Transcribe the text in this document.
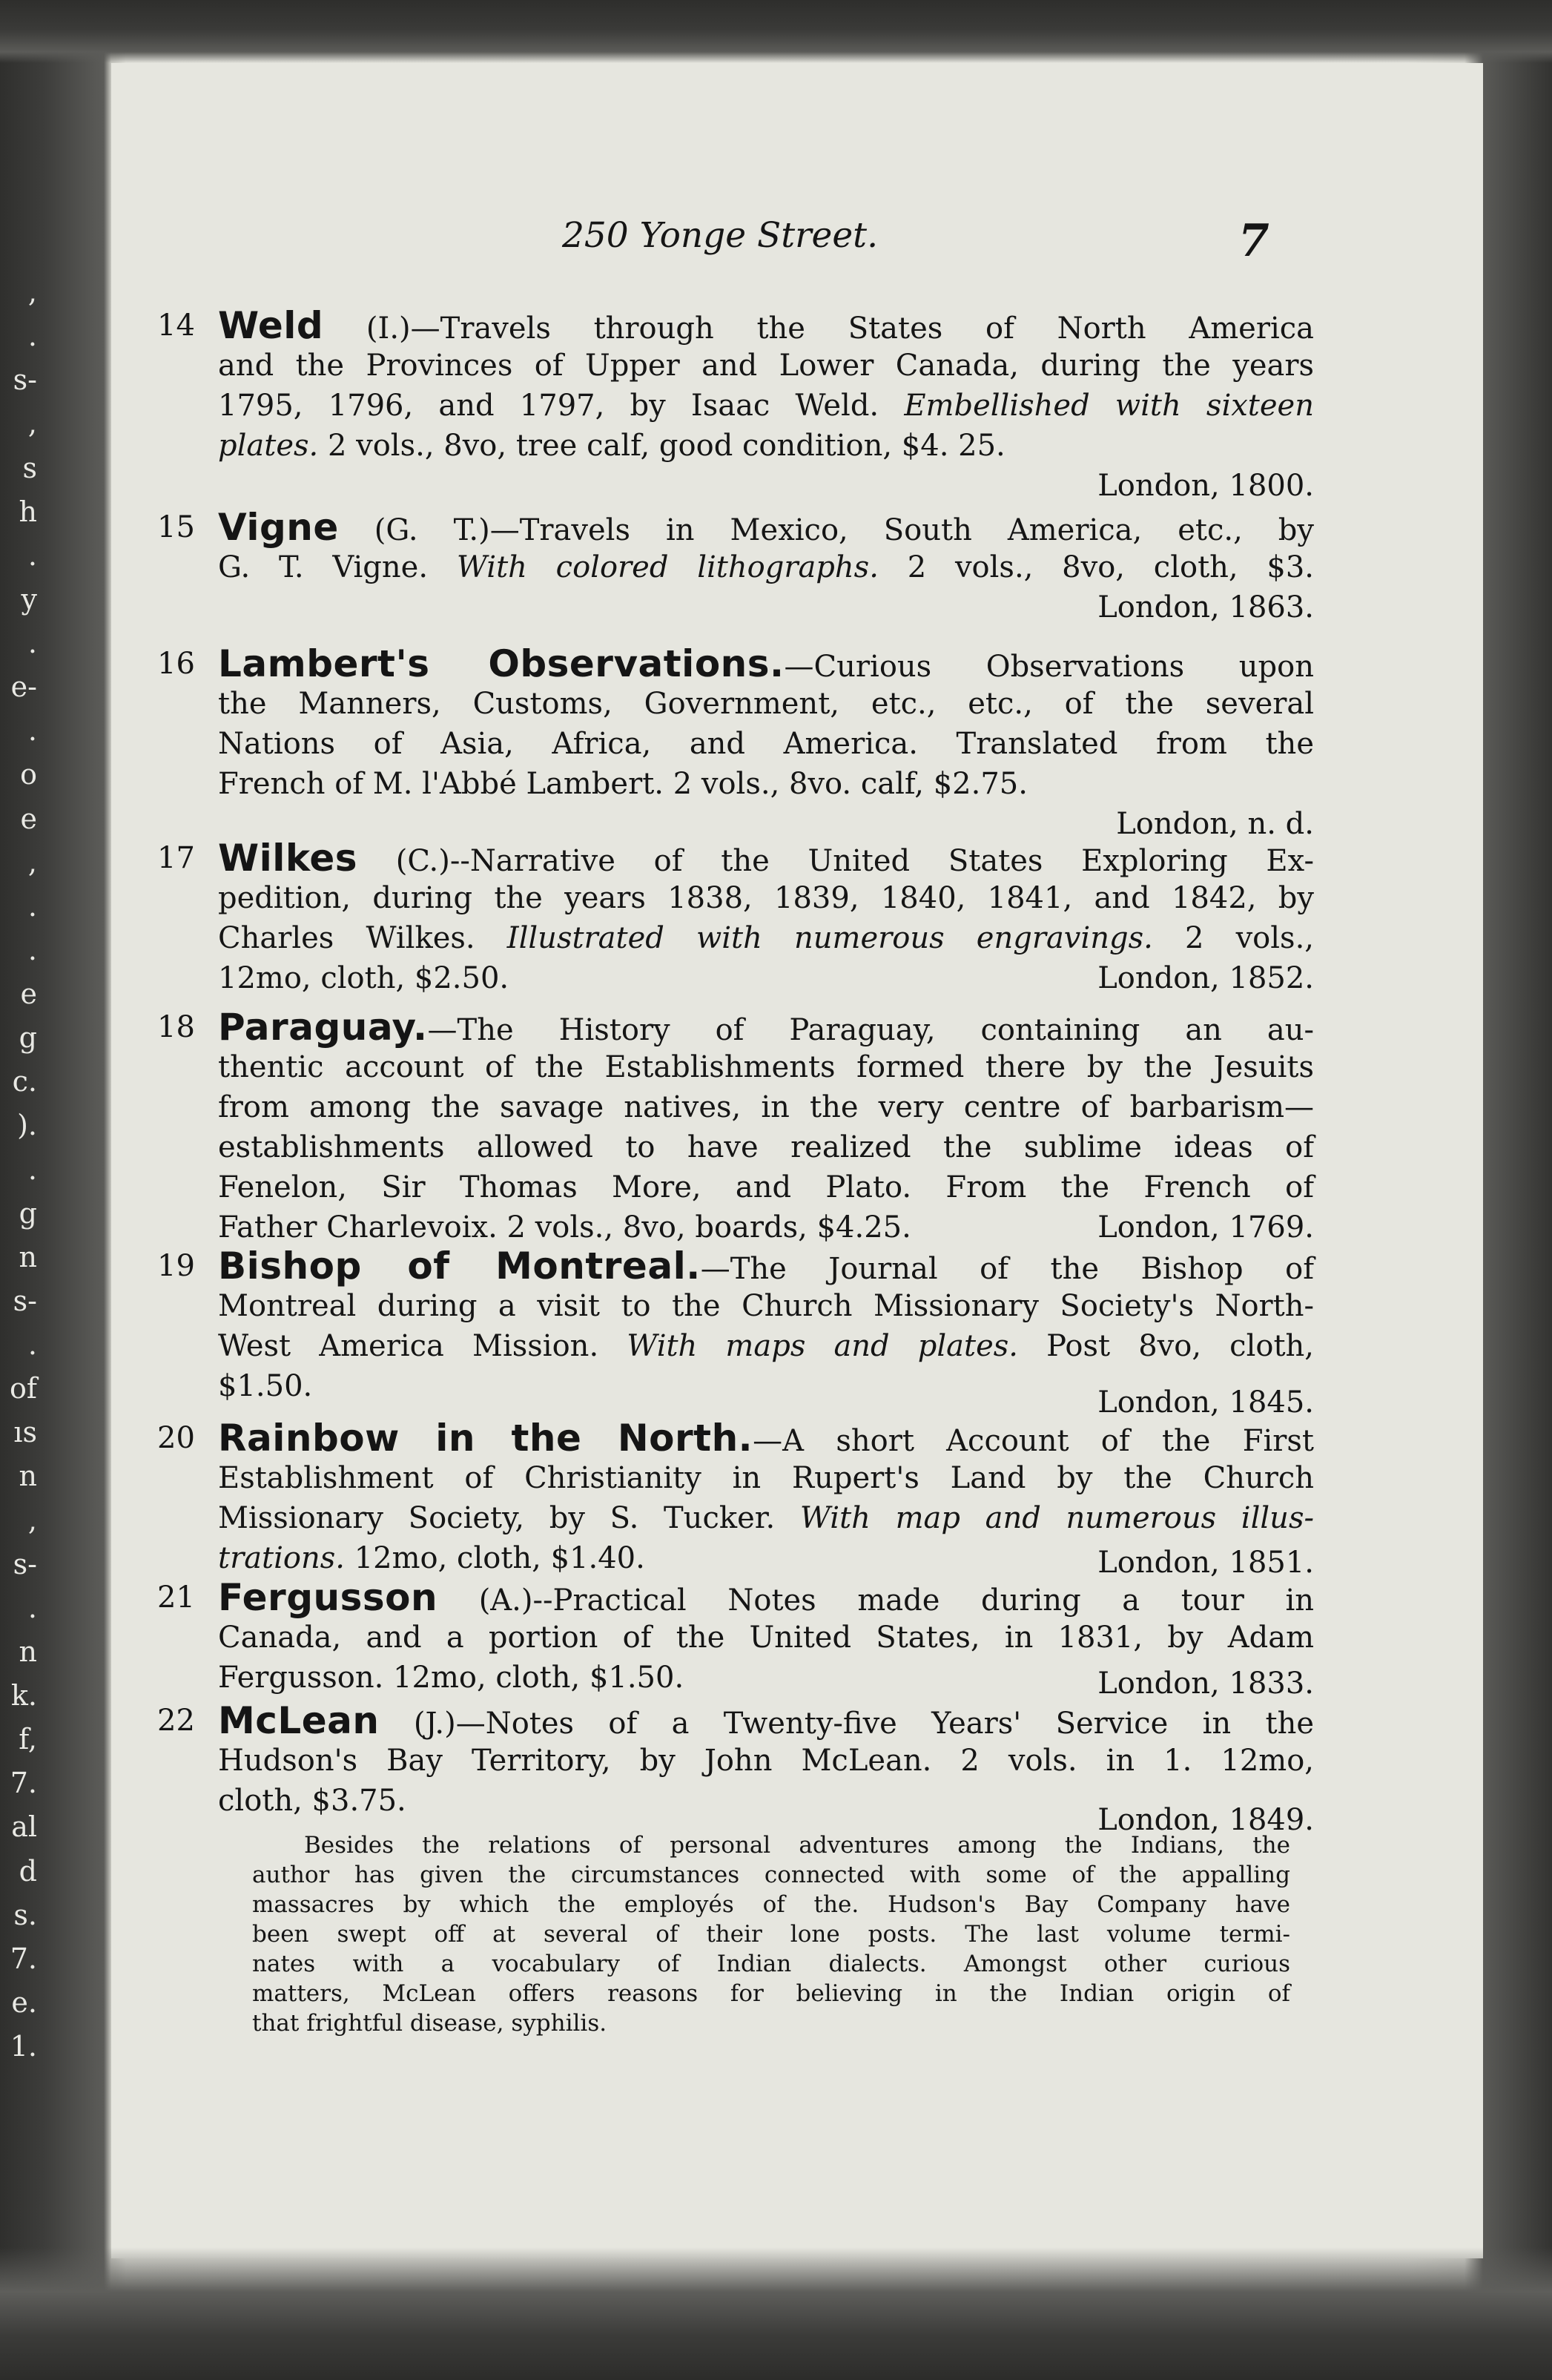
,
.
s-
,
s
h
.
y
.
e-
.
o
e
,
.
.
e
g
c.
).
.
g
n
s-
.
of
ıs
n
,
s-
.
n
k.
f,
7.
al
d
s.
7.
e.
1.
250 Yonge Street.	7
14 Weld (I.)—Travels through the States of North America
and the Provinces of Upper and Lower Canada, during the years
1795, 1796, and 1797, by Isaac Weld. Embellished with sixteen
plates. 2 vols., 8vo, tree calf, good condition, $4. 25.
London, 1800.
15 Vigne (G. T.)—Travels in Mexico, South America, etc., by
G. T. Vigne. With colored lithographs. 2 vols., 8vo, cloth, $3.
London, 1863.
16 Lambert's Observations.—Curious Observations upon
the Manners, Customs, Government, etc., etc., of the several
Nations of Asia, Africa, and America. Translated from the
French of M. l'Abbé Lambert. 2 vols., 8vo. calf, $2.75.
London, n. d.
17 Wilkes (C.)--Narrative of the United States Exploring Ex-
pedition, during the years 1838, 1839, 1840, 1841, and 1842, by
Charles Wilkes. Illustrated with numerous engravings. 2 vols.,
12mo, cloth, $2.50.	London, 1852.
18 Paraguay.—The History of Paraguay, containing an au-
thentic account of the Establishments formed there by the Jesuits
from among the savage natives, in the very centre of barbarism—
establishments allowed to have realized the sublime ideas of
Fenelon, Sir Thomas More, and Plato. From the French of
Father Charlevoix. 2 vols., 8vo, boards, $4.25.	London, 1769.
19 Bishop of Montreal.—The Journal of the Bishop of
Montreal during a visit to the Church Missionary Society's North-
West America Mission. With maps and plates. Post 8vo, cloth,
$1.50.	London, 1845.
20 Rainbow in the North.—A short Account of the First
Establishment of Christianity in Rupert's Land by the Church
Missionary Society, by S. Tucker. With map and numerous illus-
trations. 12mo, cloth, $1.40.	London, 1851.
21 Fergusson (A.)--Practical Notes made during a tour in
Canada, and a portion of the United States, in 1831, by Adam
Fergusson. 12mo, cloth, $1.50.	London, 1833.
22 McLean (J.)—Notes of a Twenty-five Years' Service in the
Hudson's Bay Territory, by John McLean. 2 vols. in 1. 12mo,
cloth, $3.75.
London, 1849.
Besides the relations of personal adventures among the Indians, the
author has given the circumstances connected with some of the appalling
massacres by which the employés of the. Hudson's Bay Company have
been swept off at several of their lone posts. The last volume termi-
nates with a vocabulary of Indian dialects. Amongst other curious
matters, McLean offers reasons for believing in the Indian origin of
that frightful disease, syphilis.
